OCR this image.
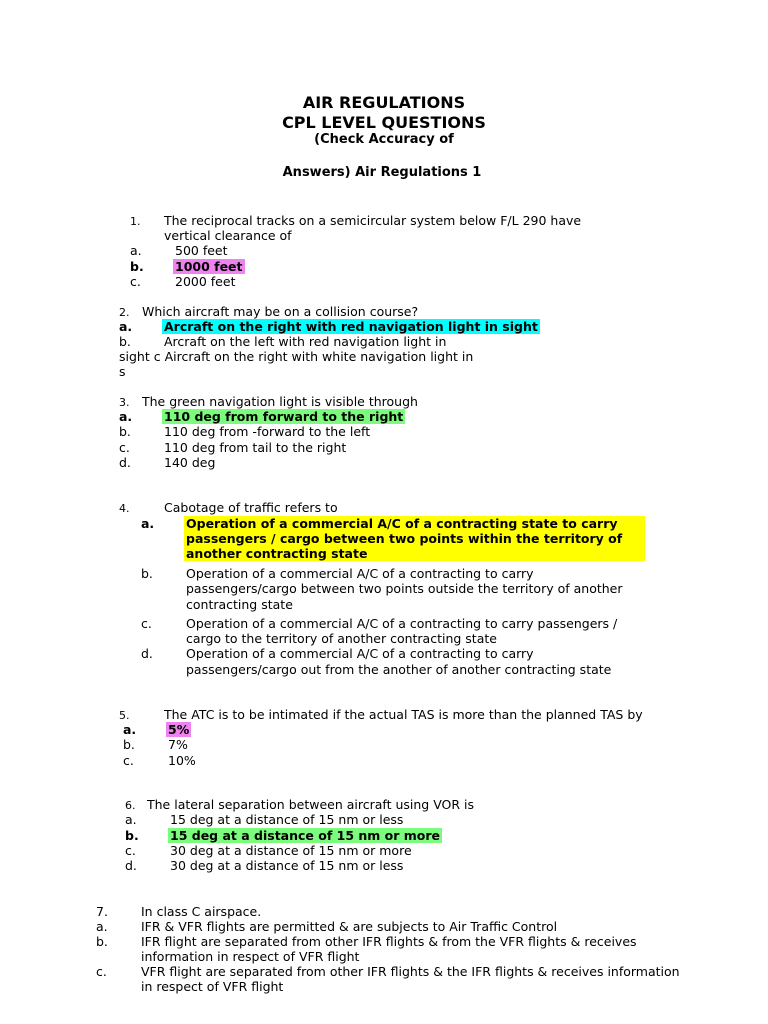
AIR REGULATIONS
CPL LEVEL QUESTIONS
(Check Accuracy of
Answers) Air Regulations 1
1. The reciprocal tracks on a semicircular system below F/L 290 have
vertical clearance of
a.	500 feet
b.	1000 feet
c.	2000 feet
2. Which aircraft may be on a collision course?
a.	Arcraft on the right with red navigation light in sight
b.	Arcraft on the left with red navigation light in
sight c Aircraft on the right with white navigation light in
s
3. The green navigation light is visible through
a.	110 deg from forward to the right
b.	110 deg from -forward to the left
c.	110 deg from tail to the right
d.	140 deg
4.	Cabotage of traffic refers to
a.	Operation of a commercial A/C of a contracting state to carry
passengers / cargo between two points within the territory of
another contracting state
b.	Operation of a commercial A/C of a contracting to carry
passengers/cargo between two points outside the territory of another
contracting state
c.	Operation of a commercial A/C of a contracting to carry passengers /
cargo to the territory of another contracting state
d.	Operation of a commercial A/C of a contracting to carry
passengers/cargo out from the another of another contracting state
5.	The ATC is to be intimated if the actual TAS is more than the planned TAS by
a.	5%
b.	7%
c.	10%
6. The lateral separation between aircraft using VOR is
a.	15 deg at a distance of 15 nm or less
b.	15 deg at a distance of 15 nm or more
c.	30 deg at a distance of 15 nm or more
d.	30 deg at a distance of 15 nm or less
7.	In class C airspace.
a.	IFR & VFR flights are permitted & are subjects to Air Traffic Control
b.	IFR flight are separated from other IFR flights & from the VFR flights & receives
information in respect of VFR flight
c.	VFR flight are separated from other IFR flights & the IFR flights & receives information
in respect of VFR flight
